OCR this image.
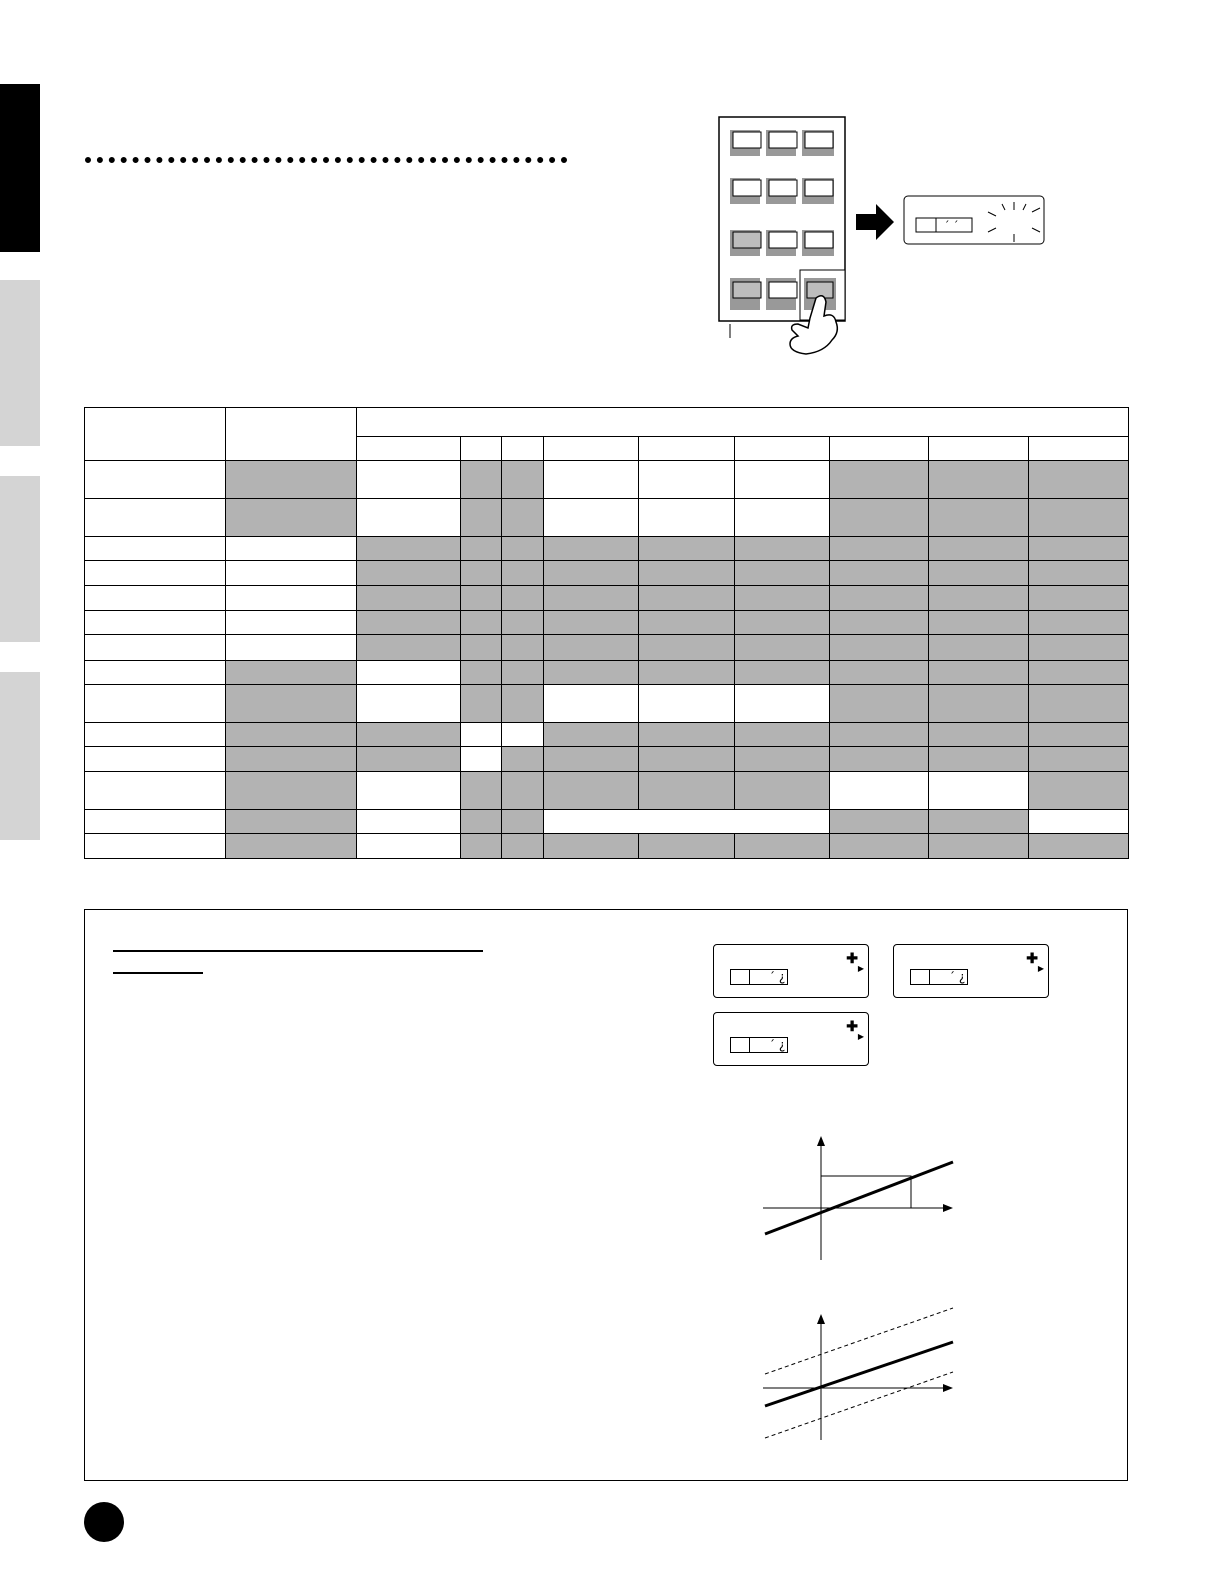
´ ´

´ ¿
✚
▶
´ ¿
✚
▶
´ ¿
✚
▶
